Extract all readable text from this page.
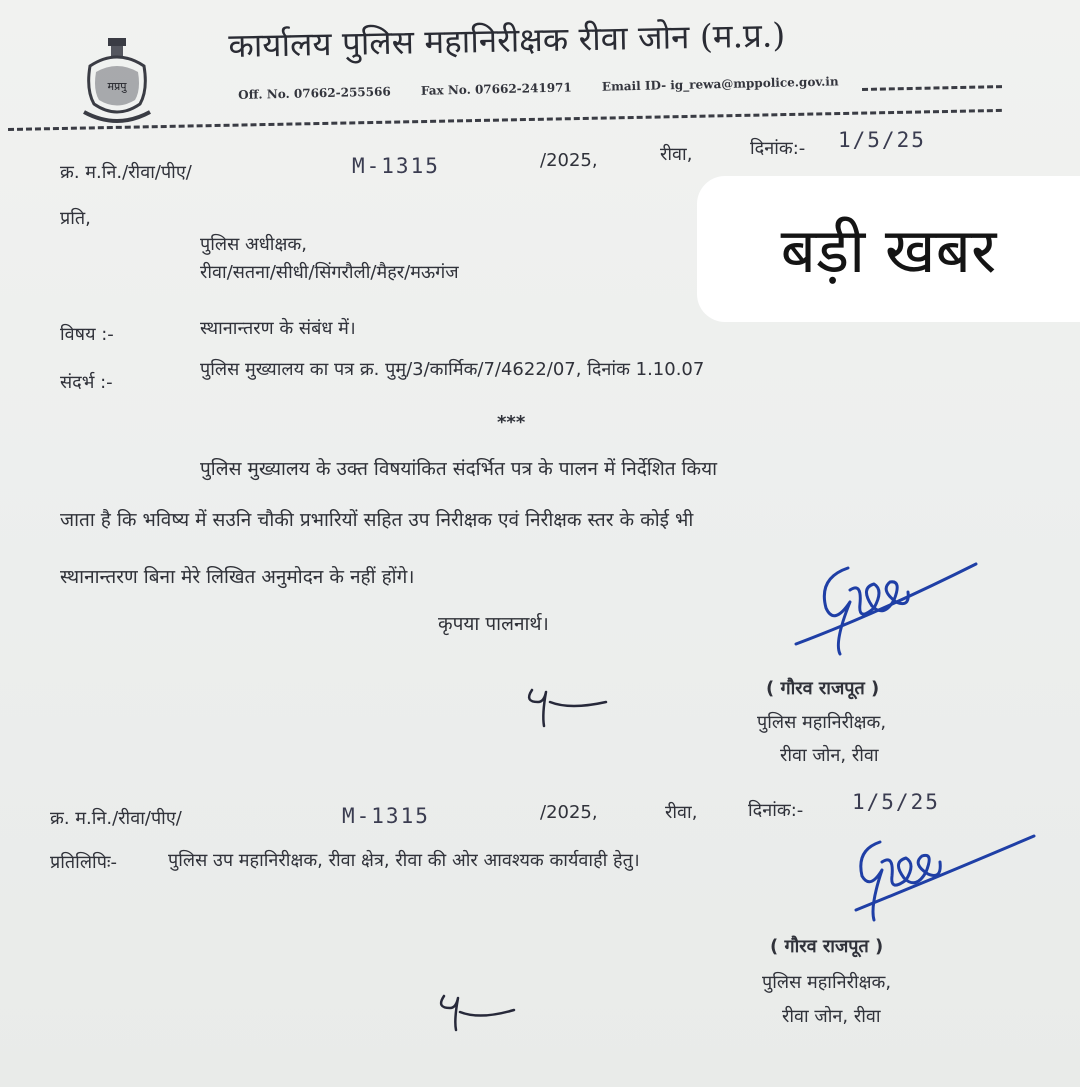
मप्रपु
कार्यालय पुलिस महानिरीक्षक रीवा जोन (म.प्र.)
Off. No. 07662-255566 Fax No. 07662-241971 Email ID- ig_rewa@mppolice.gov.in
क्र. म.नि./रीवा/पीए/	M-1315	/2025,	रीवा,	दिनांक:- 1/5/25
प्रति,
पुलिस अधीक्षक,
रीवा/सतना/सीधी/सिंगरौली/मैहर/मऊगंज	बड़ी खबर
विषय :-	स्थानान्तरण के संबंध में।
संदर्भ :-
पुलिस मुख्यालय का पत्र क्र. पुमु/3/कार्मिक/7/4622/07, दिनांक 1.10.07
***
पुलिस मुख्यालय के उक्त विषयांकित संदर्भित पत्र के पालन में निर्देशित किया
जाता है कि भविष्य में सउनि चौकी प्रभारियों सहित उप निरीक्षक एवं निरीक्षक स्तर के कोई भी
स्थानान्तरण बिना मेरे लिखित अनुमोदन के नहीं होंगे।
कृपया पालनार्थ।
( गौरव राजपूत )
पुलिस महानिरीक्षक,
रीवा जोन, रीवा
क्र. म.नि./रीवा/पीए/	M-1315	/2025,	रीवा,	दिनांक:- 1/5/25
प्रतिलिपिः-	पुलिस उप महानिरीक्षक, रीवा क्षेत्र, रीवा की ओर आवश्यक कार्यवाही हेतु।
( गौरव राजपूत )
पुलिस महानिरीक्षक,
रीवा जोन, रीवा
